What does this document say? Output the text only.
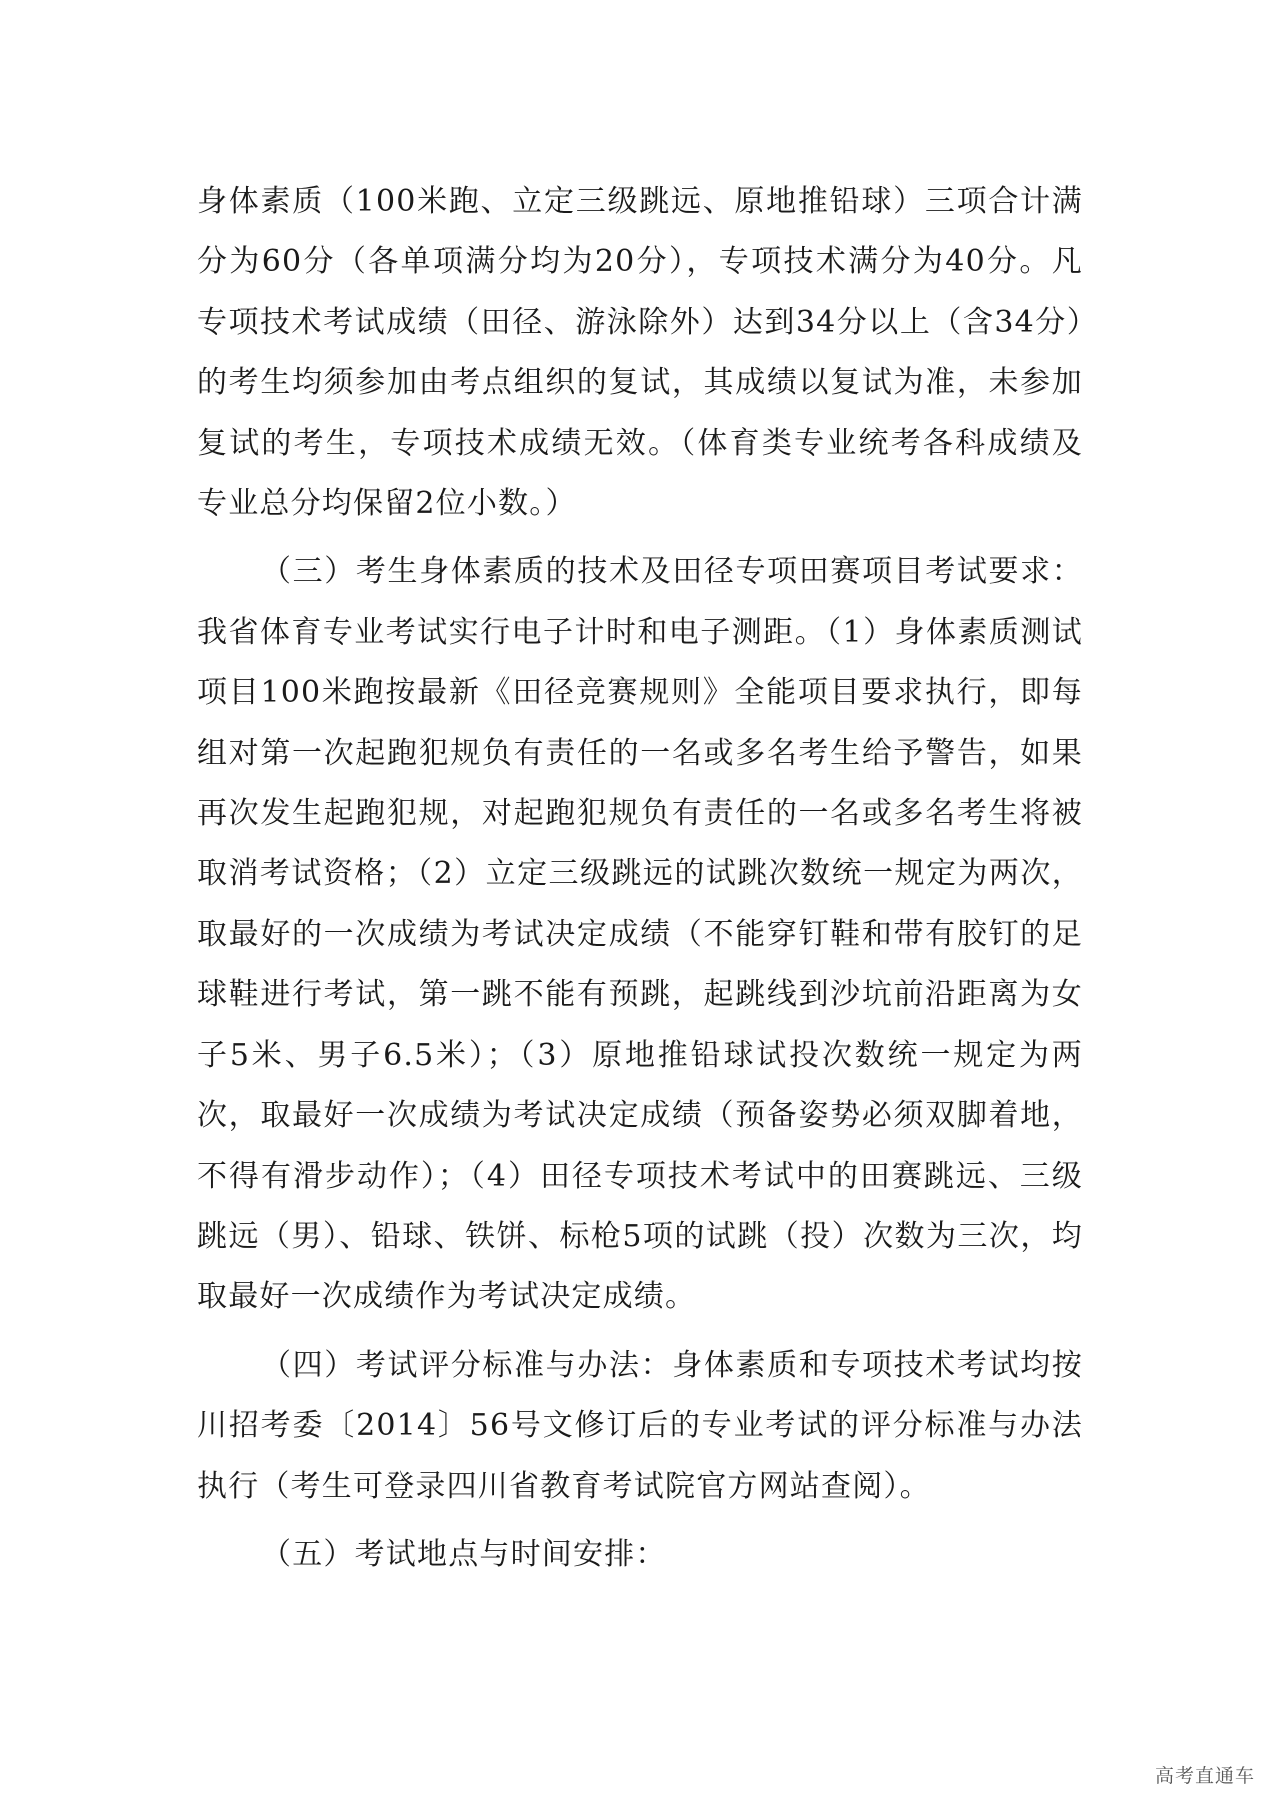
身体素质（100米跑、立定三级跳远、原地推铅球）三项合计满分为60分（各单项满分均为20分），专项技术满分为40分。凡专项技术考试成绩（田径、游泳除外）达到34分以上（含34分）的考生均须参加由考点组织的复试，其成绩以复试为准，未参加复试的考生，专项技术成绩无效。（体育类专业统考各科成绩及专业总分均保留2位小数。）

（三）考生身体素质的技术及田径专项田赛项目考试要求：我省体育专业考试实行电子计时和电子测距。（1）身体素质测试项目100米跑按最新《田径竞赛规则》全能项目要求执行，即每组对第一次起跑犯规负有责任的一名或多名考生给予警告，如果再次发生起跑犯规，对起跑犯规负有责任的一名或多名考生将被取消考试资格；（2）立定三级跳远的试跳次数统一规定为两次，取最好的一次成绩为考试决定成绩（不能穿钉鞋和带有胶钉的足球鞋进行考试，第一跳不能有预跳，起跳线到沙坑前沿距离为女子5米、男子6.5米）；（3）原地推铅球试投次数统一规定为两次，取最好一次成绩为考试决定成绩（预备姿势必须双脚着地，不得有滑步动作）；（4）田径专项技术考试中的田赛跳远、三级跳远（男）、铅球、铁饼、标枪5项的试跳（投）次数为三次，均取最好一次成绩作为考试决定成绩。

（四）考试评分标准与办法：身体素质和专项技术考试均按川招考委〔2014〕56号文修订后的专业考试的评分标准与办法执行（考生可登录四川省教育考试院官方网站查阅）。

（五）考试地点与时间安排：

高考直通车
